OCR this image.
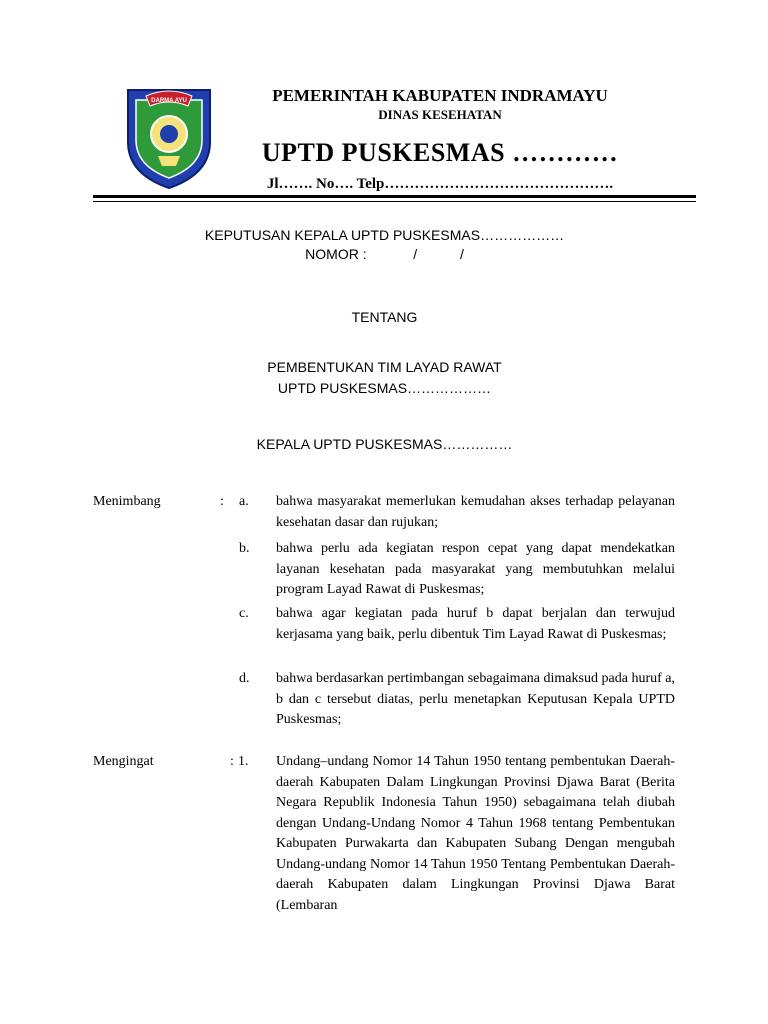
DARMA AYU	PEMERINTAH KABUPATEN INDRAMAYU
DINAS KESEHATAN
UPTD PUSKESMAS …………
Jl……. No…. Telp……………………………………….
KEPUTUSAN KEPALA UPTD PUSKESMAS………………
NOMOR :            /           /
TENTANG
PEMBENTUKAN TIM LAYAD RAWAT
UPTD PUSKESMAS………………
KEPALA UPTD PUSKESMAS……………
Menimbang	: a. bahwa masyarakat memerlukan kemudahan akses terhadap pelayanan kesehatan dasar dan rujukan;

b. bahwa perlu ada kegiatan respon cepat yang dapat mendekatkan layanan kesehatan pada masyarakat yang membutuhkan melalui program Layad Rawat di Puskesmas;

c. bahwa agar kegiatan pada huruf b dapat berjalan dan terwujud kerjasama yang baik, perlu dibentuk Tim Layad Rawat di Puskesmas;

d. bahwa berdasarkan pertimbangan sebagaimana dimaksud pada huruf a, b dan c tersebut diatas, perlu menetapkan Keputusan Kepala UPTD Puskesmas;

Mengingat	: 1. Undang–undang Nomor 14 Tahun 1950 tentang pembentukan Daerah-daerah Kabupaten Dalam Lingkungan Provinsi Djawa Barat (Berita Negara Republik Indonesia Tahun 1950) sebagaimana telah diubah dengan Undang-Undang Nomor 4 Tahun 1968 tentang Pembentukan Kabupaten Purwakarta dan Kabupaten Subang Dengan mengubah Undang-undang Nomor 14 Tahun 1950 Tentang Pembentukan Daerah-daerah Kabupaten dalam Lingkungan Provinsi Djawa Barat (Lembaran
